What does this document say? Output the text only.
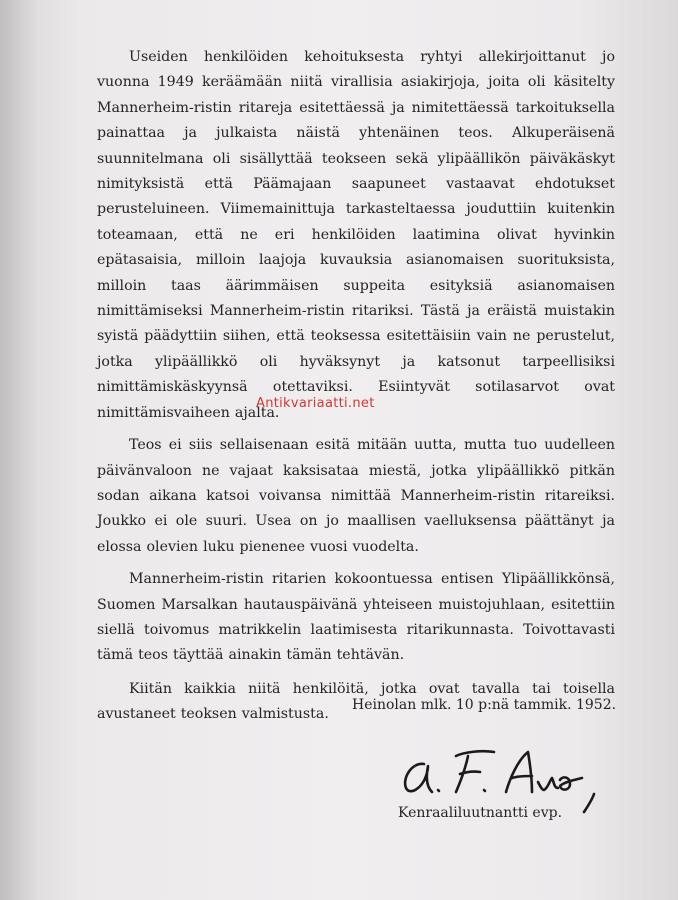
Useiden henkilöiden kehoituksesta ryhtyi allekirjoittanut jo vuonna 1949 keräämään niitä virallisia asiakirjoja, joita oli käsitelty Mannerheim-ristin ritareja esitettäessä ja nimitettäessä tarkoituksella painattaa ja julkaista näistä yhtenäinen teos. Alkuperäisenä suunnitelmana oli sisällyttää teokseen sekä ylipäällikön päiväkäskyt nimityksistä että Päämajaan saapuneet vastaavat ehdotukset perusteluineen. Viimemainittuja tarkasteltaessa jouduttiin kuitenkin toteamaan, että ne eri henkilöiden laatimina olivat hyvinkin epätasaisia, milloin laajoja kuvauksia asianomaisen suorituksista, milloin taas äärimmäisen suppeita esityksiä asianomaisen nimittämiseksi Mannerheim-ristin ritariksi. Tästä ja eräistä muistakin syistä päädyttiin siihen, että teoksessa esitettäisiin vain ne perustelut, jotka ylipäällikkö oli hyväksynyt ja katsonut tarpeellisiksi nimittämiskäskyynsä otettaviksi. Esiintyvät sotilasarvot ovat nimittämisvaiheen ajalta.

Teos ei siis sellaisenaan esitä mitään uutta, mutta tuo uudelleen päivänvaloon ne vajaat kaksisataa miestä, jotka ylipäällikkö pitkän sodan aikana katsoi voivansa nimittää Mannerheim-ristin ritareiksi. Joukko ei ole suuri. Usea on jo maallisen vaelluksensa päättänyt ja elossa olevien luku pienenee vuosi vuodelta.

Mannerheim-ristin ritarien kokoontuessa entisen Ylipäällikkönsä, Suomen Marsalkan hautauspäivänä yhteiseen muistojuhlaan, esitettiin siellä toivomus matrikkelin laatimisesta ritarikunnasta. Toivottavasti tämä teos täyttää ainakin tämän tehtävän.

Kiitän kaikkia niitä henkilöitä, jotka ovat tavalla tai toisella avustaneet teoksen valmistusta.

Antikvariaatti.net
Heinolan mlk. 10 p:nä tammik. 1952.
Kenraaliluutnantti evp.
